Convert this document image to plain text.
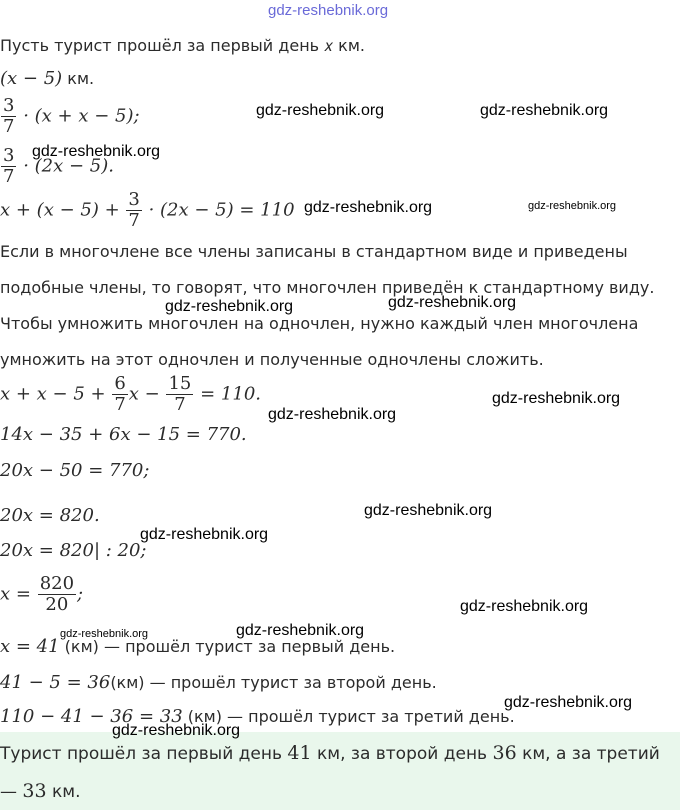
gdz-reshebnik.org
Пусть турист прошёл за первый день 𝑥 км.
(𝑥 − 5) км.
$\frac{3}{7}$ · (𝑥 + 𝑥 − 5);
$\frac{3}{7}$ · (2𝑥 − 5).
𝑥 + (𝑥 − $5) + \frac{3}{7}$ · (2𝑥 − 5) = 110
Если в многочлене все члены записаны в стандартном виде и приведены
подобные члены, то говорят, что многочлен приведён к стандартному виду.
Чтобы умножить многочлен на одночлен, нужно каждый член многочлена
умножить на этот одночлен и полученные одночлены сложить.
𝑥 + 𝑥 − $5 + \frac{6}{7}$ 𝑥 − $\frac{15}{7} = 110$.
14𝑥 − 35 + 6𝑥 − 15 = 770.
20𝑥 − 50 = 770;
20𝑥 = 820.
20𝑥 = 820| : 20;
𝑥 = $\frac{820}{20}$ ;
𝑥 = 41 (км) — прошёл турист за первый день.
41 − 5 = 36(км) — прошёл турист за второй день.
110 − 41 − 36 = 33 (км) — прошёл турист за третий день.
Турист прошёл за первый день 41 км, за второй день 36 км, а за третий
— 33 км.
gdz-reshebnik.org	gdz-reshebnik.org
gdz-reshebnik.org
gdz-reshebnik.org	gdz-reshebnik.org
gdz-reshebnik.org	gdz-reshebnik.org
gdz-reshebnik.org
gdz-reshebnik.org
gdz-reshebnik.org
gdz-reshebnik.org
gdz-reshebnik.org
gdz-reshebnik.org	gdz-reshebnik.org
gdz-reshebnik.org
gdz-reshebnik.org
